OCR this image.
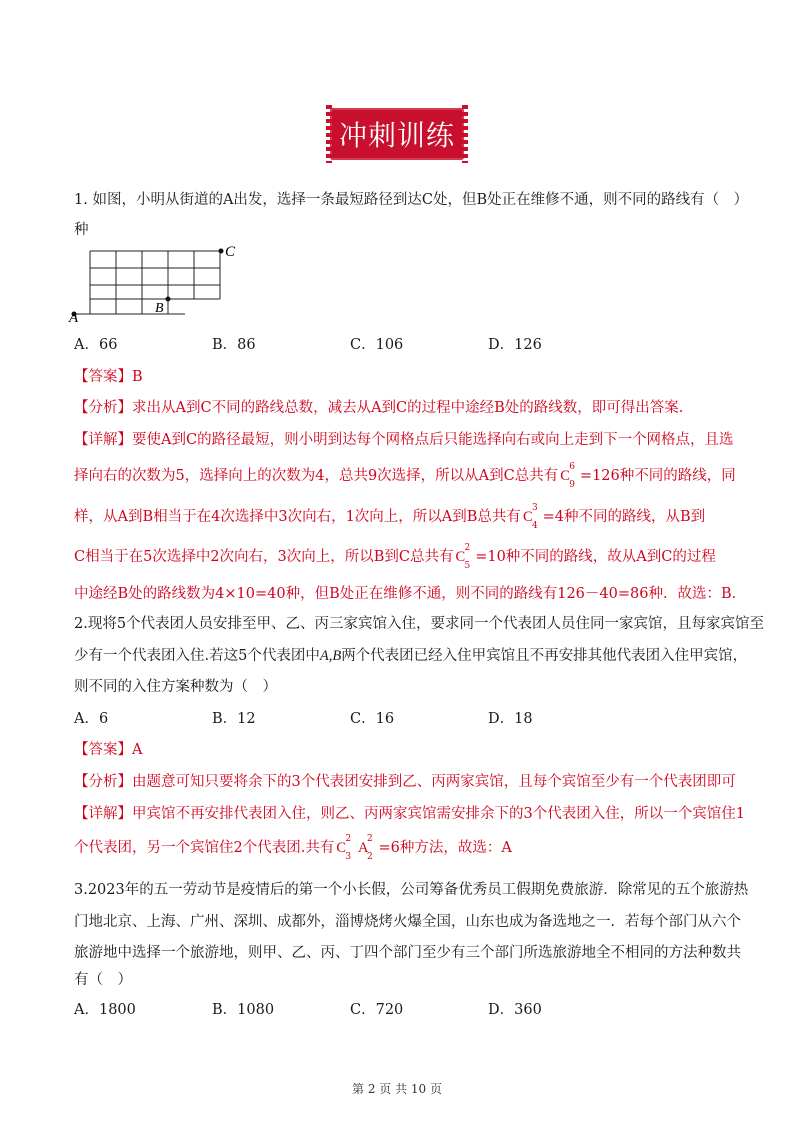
冲刺训练
1. 如图，小明从街道的A出发，选择一条最短路径到达C处，但B处正在维修不通，则不同的路线有（　）
种
A
B
C
A．66	B．86	C．106	D．126
【答案】B
【分析】求出从A到C不同的路线总数，减去从A到C的过程中途经B处的路线数，即可得出答案.
【详解】要使A到C的路径最短，则小明到达每个网格点后只能选择向右或向上走到下一个网格点，且选
择向右的次数为5，选择向上的次数为4，总共9次选择，所以从A到C总共有 C
6
9
=126种不同的路线，同
样，从A到B相当于在4次选择中3次向右，1次向上，所以A到B总共有 C
3
4
=4种不同的路线，从B到
C相当于在5次选择中2次向右，3次向上，所以B到C总共有 C
2
5
=10种不同的路线，故从A到C的过程
中途经B处的路线数为4×10=40种，但B处正在维修不通，则不同的路线有126－40=86种．故选：B.
2.现将5个代表团人员安排至甲、乙、丙三家宾馆入住，要求同一个代表团人员住同一家宾馆，且每家宾馆至
少有一个代表团入住.若这5个代表团中A,B两个代表团已经入住甲宾馆且不再安排其他代表团入住甲宾馆，
则不同的入住方案种数为（　）
A．6	B．12	C．16	D．18
【答案】A
【分析】由题意可知只要将余下的3个代表团安排到乙、丙两家宾馆，且每个宾馆至少有一个代表团即可
【详解】甲宾馆不再安排代表团入住，则乙、丙两家宾馆需安排余下的3个代表团入住，所以一个宾馆住1
个代表团，另一个宾馆住2个代表团.共有 C
2
3
A
2
2
=6种方法，故选：A
3.2023年的五一劳动节是疫情后的第一个小长假，公司筹备优秀员工假期免费旅游．除常见的五个旅游热
门地北京、上海、广州、深圳、成都外，淄博烧烤火爆全国，山东也成为备选地之一．若每个部门从六个
旅游地中选择一个旅游地，则甲、乙、丙、丁四个部门至少有三个部门所选旅游地全不相同的方法种数共
有（　）
A．1800	B．1080	C．720	D．360
第 2 页 共 10 页
